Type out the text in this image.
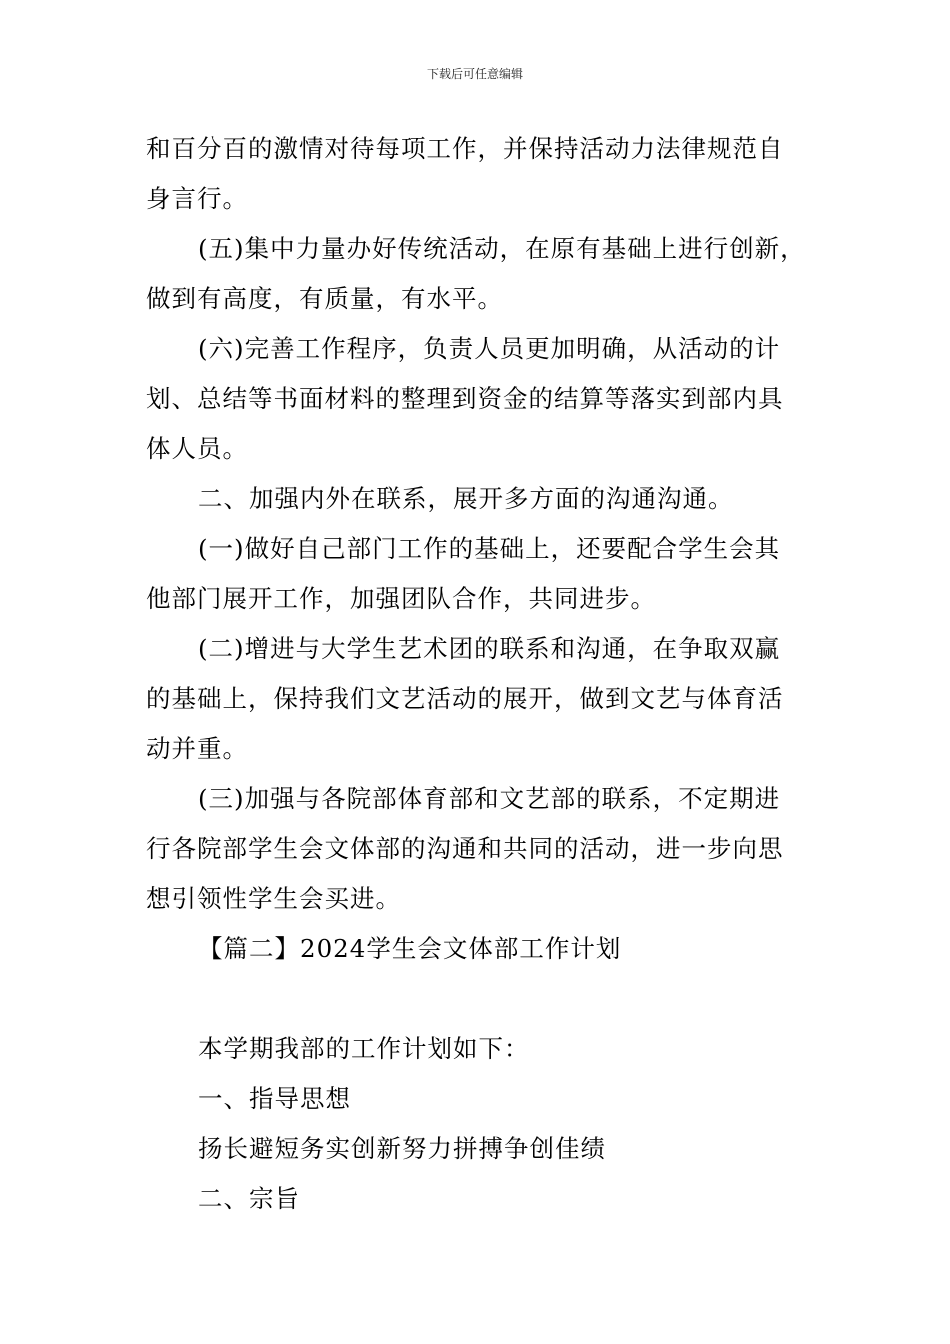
下载后可任意编辑

和百分百的激情对待每项工作，并保持活动力法律规范自

身言行。

(五)集中力量办好传统活动，在原有基础上进行创新，

做到有高度，有质量，有水平。

(六)完善工作程序，负责人员更加明确，从活动的计

划、总结等书面材料的整理到资金的结算等落实到部内具

体人员。

二、加强内外在联系，展开多方面的沟通沟通。

(一)做好自己部门工作的基础上，还要配合学生会其

他部门展开工作，加强团队合作，共同进步。

(二)增进与大学生艺术团的联系和沟通，在争取双赢

的基础上，保持我们文艺活动的展开，做到文艺与体育活

动并重。

(三)加强与各院部体育部和文艺部的联系，不定期进

行各院部学生会文体部的沟通和共同的活动，进一步向思

想引领性学生会买进。

【篇二】2024学生会文体部工作计划

本学期我部的工作计划如下：

一、指导思想

扬长避短务实创新努力拼搏争创佳绩

二、宗旨
